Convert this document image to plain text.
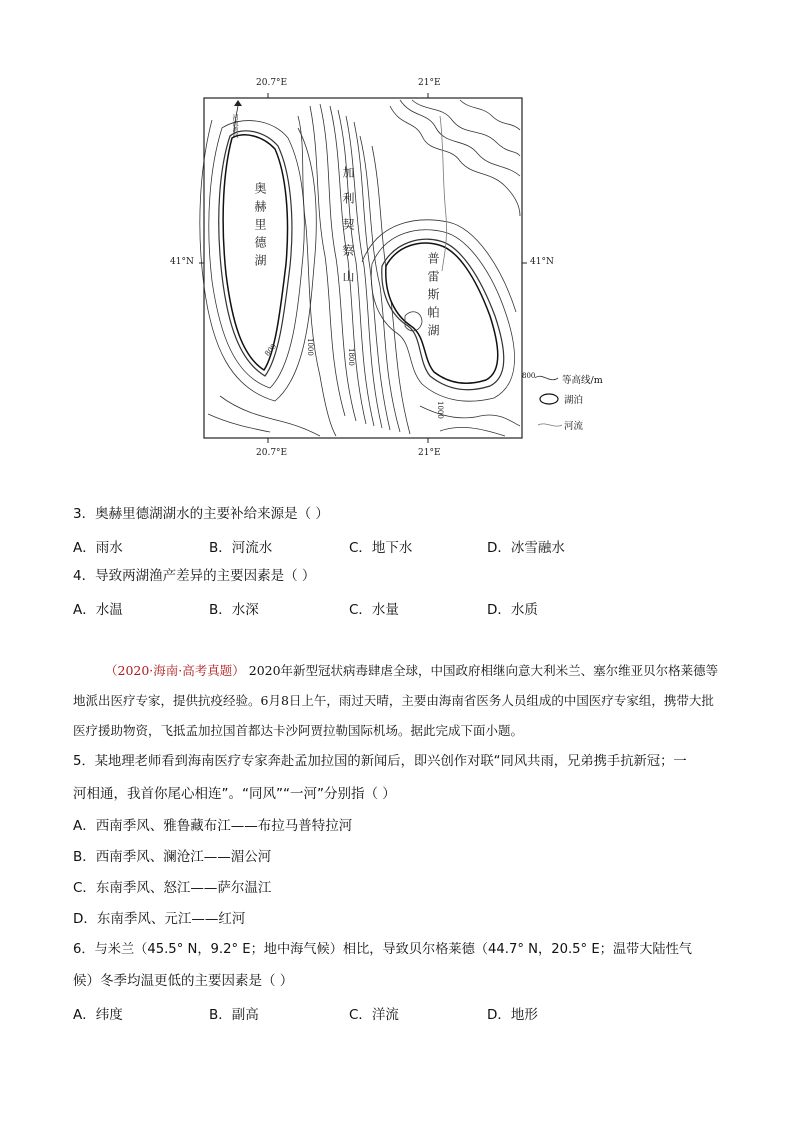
20.7°E	21°E
20.7°E	21°E
41°N	41°N
奥赫里德湖
普雷斯帕湖
加利契察山
河流流向
800	1000
1800
1000
800	等高线/m
湖泊
河流
3．奥赫里德湖湖水的主要补给来源是（ ）
A．雨水	B．河流水	C．地下水	D．冰雪融水
4．导致两湖渔产差异的主要因素是（ ）
A．水温	B．水深	C．水量	D．水质
（2020·海南·高考真题） 2020年新型冠状病毒肆虐全球，中国政府相继向意大利米兰、塞尔维亚贝尔格莱德等地派出医疗专家，提供抗疫经验。6月8日上午，雨过天晴，主要由海南省医务人员组成的中国医疗专家组，携带大批医疗援助物资，飞抵孟加拉国首都达卡沙阿贾拉勒国际机场。据此完成下面小题。
5．某地理老师看到海南医疗专家奔赴孟加拉国的新闻后，即兴创作对联“同风共雨，兄弟携手抗新冠；一
河相通，我首你尾心相连”。“同风”“一河”分别指（ ）
A．西南季风、雅鲁藏布江——布拉马普特拉河
B．西南季风、澜沧江——湄公河
C．东南季风、怒江——萨尔温江
D．东南季风、元江——红河
6．与米兰（45.5° N，9.2° E；地中海气候）相比，导致贝尔格莱德（44.7° N，20.5° E；温带大陆性气
候）冬季均温更低的主要因素是（ ）
A．纬度	B．副高	C．洋流	D．地形
